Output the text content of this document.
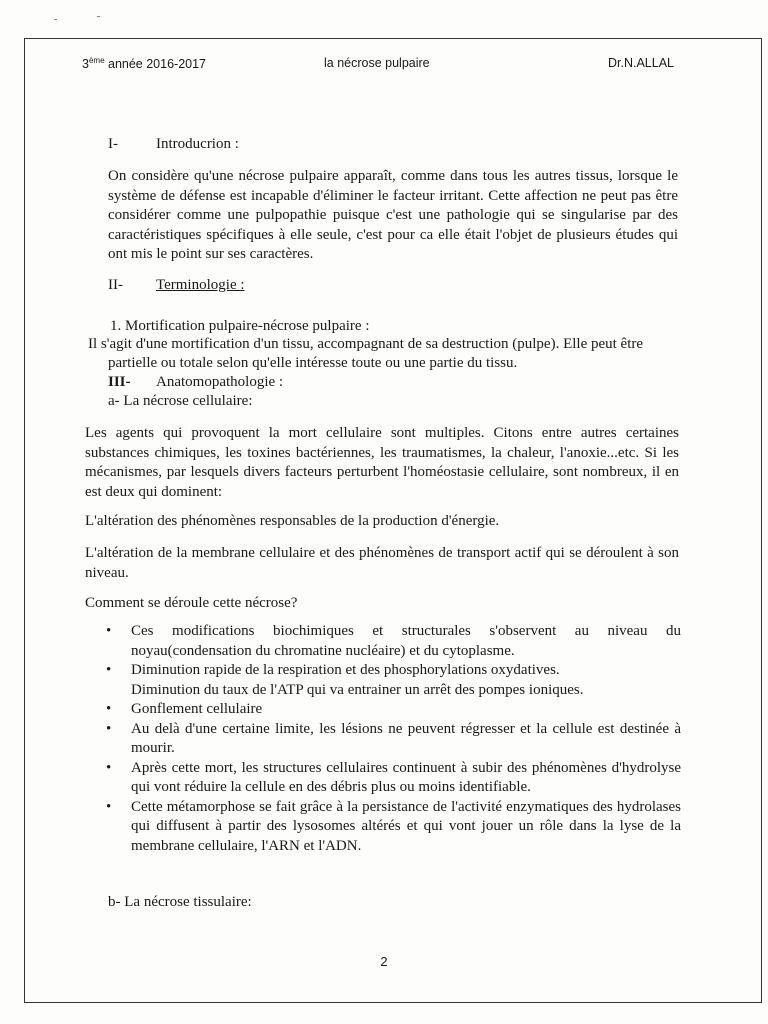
3ème année 2016-2017	la nécrose pulpaire	Dr.N.ALLAL
I-	Introducrion :
On considère qu'une nécrose pulpaire apparaît, comme dans tous les autres tissus, lorsque le système de défense est incapable d'éliminer le facteur irritant. Cette affection ne peut pas être considérer comme une pulpopathie puisque c'est une pathologie qui se singularise par des caractéristiques spécifiques à elle seule, c'est pour ca elle était l'objet de plusieurs études qui ont mis le point sur ses caractères.
II- Terminologie :
1. Mortification pulpaire-nécrose pulpaire :
Il s'agit d'une mortification d'un tissu, accompagnant de sa destruction (pulpe). Elle peut être
partielle ou totale selon qu'elle intéresse toute ou une partie du tissu.
III- Anatomopathologie :
a- La nécrose cellulaire:
Les agents qui provoquent la mort cellulaire sont multiples. Citons entre autres certaines substances chimiques, les toxines bactériennes, les traumatismes, la chaleur, l'anoxie...etc. Si les mécanismes, par lesquels divers facteurs perturbent l'homéostasie cellulaire, sont nombreux, il en est deux qui dominent:
L'altération des phénomènes responsables de la production d'énergie.
L'altération de la membrane cellulaire et des phénomènes de transport actif qui se déroulent à son niveau.
Comment se déroule cette nécrose?
• Ces modifications biochimiques et structurales s'observent au niveau du noyau(condensation du chromatine nucléaire) et du cytoplasme.
• Diminution rapide de la respiration et des phosphorylations oxydatives.
Diminution du taux de l'ATP qui va entrainer un arrêt des pompes ioniques.
• Gonflement cellulaire
• Au delà d'une certaine limite, les lésions ne peuvent régresser et la cellule est destinée à mourir.
• Après cette mort, les structures cellulaires continuent à subir des phénomènes d'hydrolyse qui vont réduire la cellule en des débris plus ou moins identifiable.
• Cette métamorphose se fait grâce à la persistance de l'activité enzymatiques des hydrolases qui diffusent à partir des lysosomes altérés et qui vont jouer un rôle dans la lyse de la membrane cellulaire, l'ARN et l'ADN.
b- La nécrose tissulaire:
2
